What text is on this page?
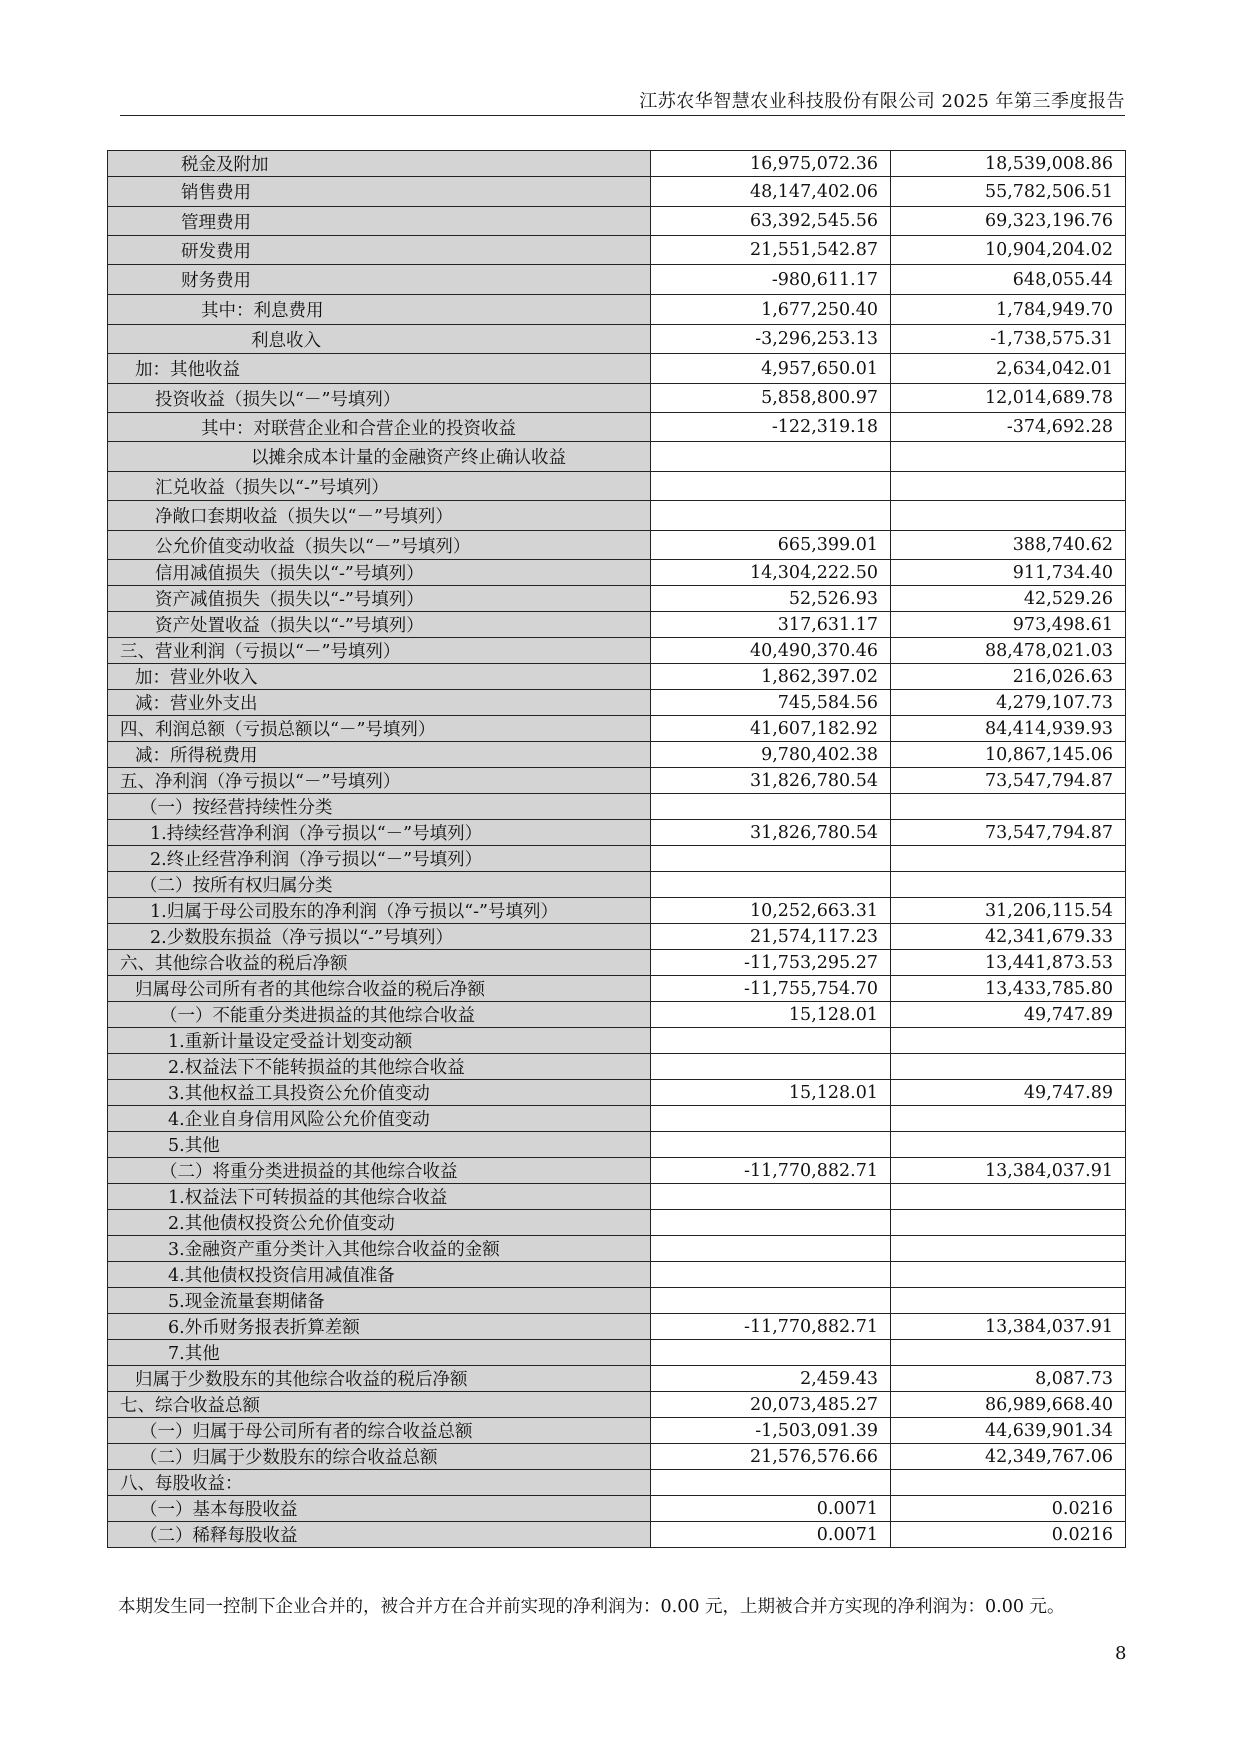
江苏农华智慧农业科技股份有限公司 2025 年第三季度报告
税金及附加	16,975,072.36	18,539,008.86
销售费用	48,147,402.06	55,782,506.51
管理费用	63,392,545.56	69,323,196.76
研发费用	21,551,542.87	10,904,204.02
财务费用	-980,611.17	648,055.44
其中：利息费用	1,677,250.40	1,784,949.70
利息收入	-3,296,253.13	-1,738,575.31
加：其他收益	4,957,650.01	2,634,042.01
投资收益（损失以“－”号填列）	5,858,800.97	12,014,689.78
其中：对联营企业和合营企业的投资收益	-122,319.18	-374,692.28
以摊余成本计量的金融资产终止确认收益		
汇兑收益（损失以“-”号填列）		
净敞口套期收益（损失以“－”号填列）		
公允价值变动收益（损失以“－”号填列）	665,399.01	388,740.62
信用减值损失（损失以“-”号填列）	14,304,222.50	911,734.40
资产减值损失（损失以“-”号填列）	52,526.93	42,529.26
资产处置收益（损失以“-”号填列）	317,631.17	973,498.61
三、营业利润（亏损以“－”号填列）	40,490,370.46	88,478,021.03
加：营业外收入	1,862,397.02	216,026.63
减：营业外支出	745,584.56	4,279,107.73
四、利润总额（亏损总额以“－”号填列）	41,607,182.92	84,414,939.93
减：所得税费用	9,780,402.38	10,867,145.06
五、净利润（净亏损以“－”号填列）	31,826,780.54	73,547,794.87
（一）按经营持续性分类		
1.持续经营净利润（净亏损以“－”号填列）	31,826,780.54	73,547,794.87
2.终止经营净利润（净亏损以“－”号填列）		
（二）按所有权归属分类		
1.归属于母公司股东的净利润（净亏损以“-”号填列）	10,252,663.31	31,206,115.54
2.少数股东损益（净亏损以“-”号填列）	21,574,117.23	42,341,679.33
六、其他综合收益的税后净额	-11,753,295.27	13,441,873.53
归属母公司所有者的其他综合收益的税后净额	-11,755,754.70	13,433,785.80
（一）不能重分类进损益的其他综合收益	15,128.01	49,747.89
1.重新计量设定受益计划变动额		
2.权益法下不能转损益的其他综合收益		
3.其他权益工具投资公允价值变动	15,128.01	49,747.89
4.企业自身信用风险公允价值变动		
5.其他		
（二）将重分类进损益的其他综合收益	-11,770,882.71	13,384,037.91
1.权益法下可转损益的其他综合收益		
2.其他债权投资公允价值变动		
3.金融资产重分类计入其他综合收益的金额		
4.其他债权投资信用减值准备		
5.现金流量套期储备		
6.外币财务报表折算差额	-11,770,882.71	13,384,037.91
7.其他		
归属于少数股东的其他综合收益的税后净额	2,459.43	8,087.73
七、综合收益总额	20,073,485.27	86,989,668.40
（一）归属于母公司所有者的综合收益总额	-1,503,091.39	44,639,901.34
（二）归属于少数股东的综合收益总额	21,576,576.66	42,349,767.06
八、每股收益：		
（一）基本每股收益	0.0071	0.0216
（二）稀释每股收益	0.0071	0.0216
本期发生同一控制下企业合并的，被合并方在合并前实现的净利润为：0.00 元，上期被合并方实现的净利润为：0.00 元。
8
